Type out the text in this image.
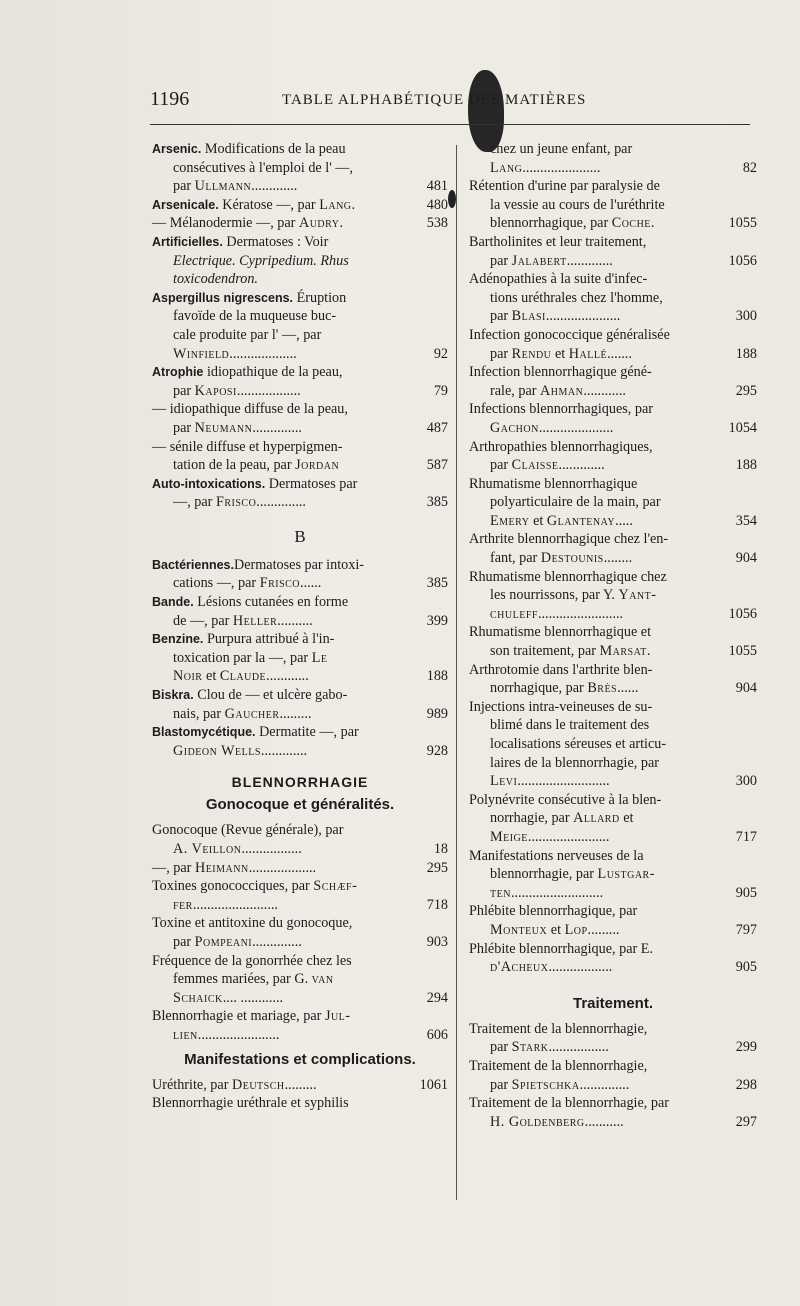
1196	TABLE ALPHABÉTIQUE DES MATIÈRES
Arsenic. Modifications de la peau
consécutives à l'emploi de l' —,
par Ullmann.............	481
Arsenicale. Kératose —, par Lang.	480
— Mélanodermie —, par Audry.	538
Artificielles. Dermatoses : Voir
Electrique. Cypripedium. Rhus
toxicodendron.
Aspergillus nigrescens. Éruption
favoïde de la muqueuse buc-
cale produite par l' —, par
Winfield...................	92
Atrophie idiopathique de la peau,
par Kaposi..................	79
— idiopathique diffuse de la peau,
par Neumann..............	487
— sénile diffuse et hyperpigmen-
tation de la peau, par Jordan	587
Auto-intoxications. Dermatoses par
—, par Frisco..............	385
B
Bactériennes.Dermatoses par intoxi-
cations —, par Frisco......	385
Bande. Lésions cutanées en forme
de —, par Heller..........	399
Benzine. Purpura attribué à l'in-
toxication par la —, par Le
Noir et Claude............	188
Biskra. Clou de — et ulcère gabo-
nais, par Gaucher.........	989
Blastomycétique. Dermatite —, par
Gideon Wells.............	928
BLENNORRHAGIE
Gonocoque et généralités.
Gonocoque (Revue générale), par
A. Veillon.................	18
—, par Heimann...................	295
Toxines gonococciques, par Schæf-
fer........................	718
Toxine et antitoxine du gonocoque,
par Pompeani..............	903
Fréquence de la gonorrhée chez les
femmes mariées, par G. van
Schaick.... ............	294
Blennorrhagie et mariage, par Jul-
lien.......................	606
Manifestations et complications.
Uréthrite, par Deutsch.........	1061
Blennorrhagie uréthrale et syphilis
chez un jeune enfant, par
Lang......................	82
Rétention d'urine par paralysie de
la vessie au cours de l'uréthrite
blennorrhagique, par Coche.	1055
Bartholinites et leur traitement,
par Jalabert.............	1056
Adénopathies à la suite d'infec-
tions uréthrales chez l'homme,
par Blasi.....................	300
Infection gonococcique généralisée
par Rendu et Hallé.......	188
Infection blennorrhagique géné-
rale, par Ahman............	295
Infections blennorrhagiques, par
Gachon.....................	1054
Arthropathies blennorrhagiques,
par Claisse.............	188
Rhumatisme blennorrhagique
polyarticulaire de la main, par
Emery et Glantenay.....	354
Arthrite blennorrhagique chez l'en-
fant, par Destounis........	904
Rhumatisme blennorrhagique chez
les nourrissons, par Y. Yant-
chuleff........................	1056
Rhumatisme blennorrhagique et
son traitement, par Marsat.	1055
Arthrotomie dans l'arthrite blen-
norrhagique, par Brès......	904
Injections intra-veineuses de su-
blimé dans le traitement des
localisations séreuses et articu-
laires de la blennorrhagie, par
Levi..........................	300
Polynévrite consécutive à la blen-
norrhagie, par Allard et
Meige.......................	717
Manifestations nerveuses de la
blennorrhagie, par Lustgar-
ten..........................	905
Phlébite blennorrhagique, par
Monteux et Lop.........	797
Phlébite blennorrhagique, par E.
d'Acheux..................	905
Traitement.
Traitement de la blennorrhagie,
par Stark.................	299
Traitement de la blennorrhagie,
par Spietschka..............	298
Traitement de la blennorrhagie, par
H. Goldenberg...........	297
